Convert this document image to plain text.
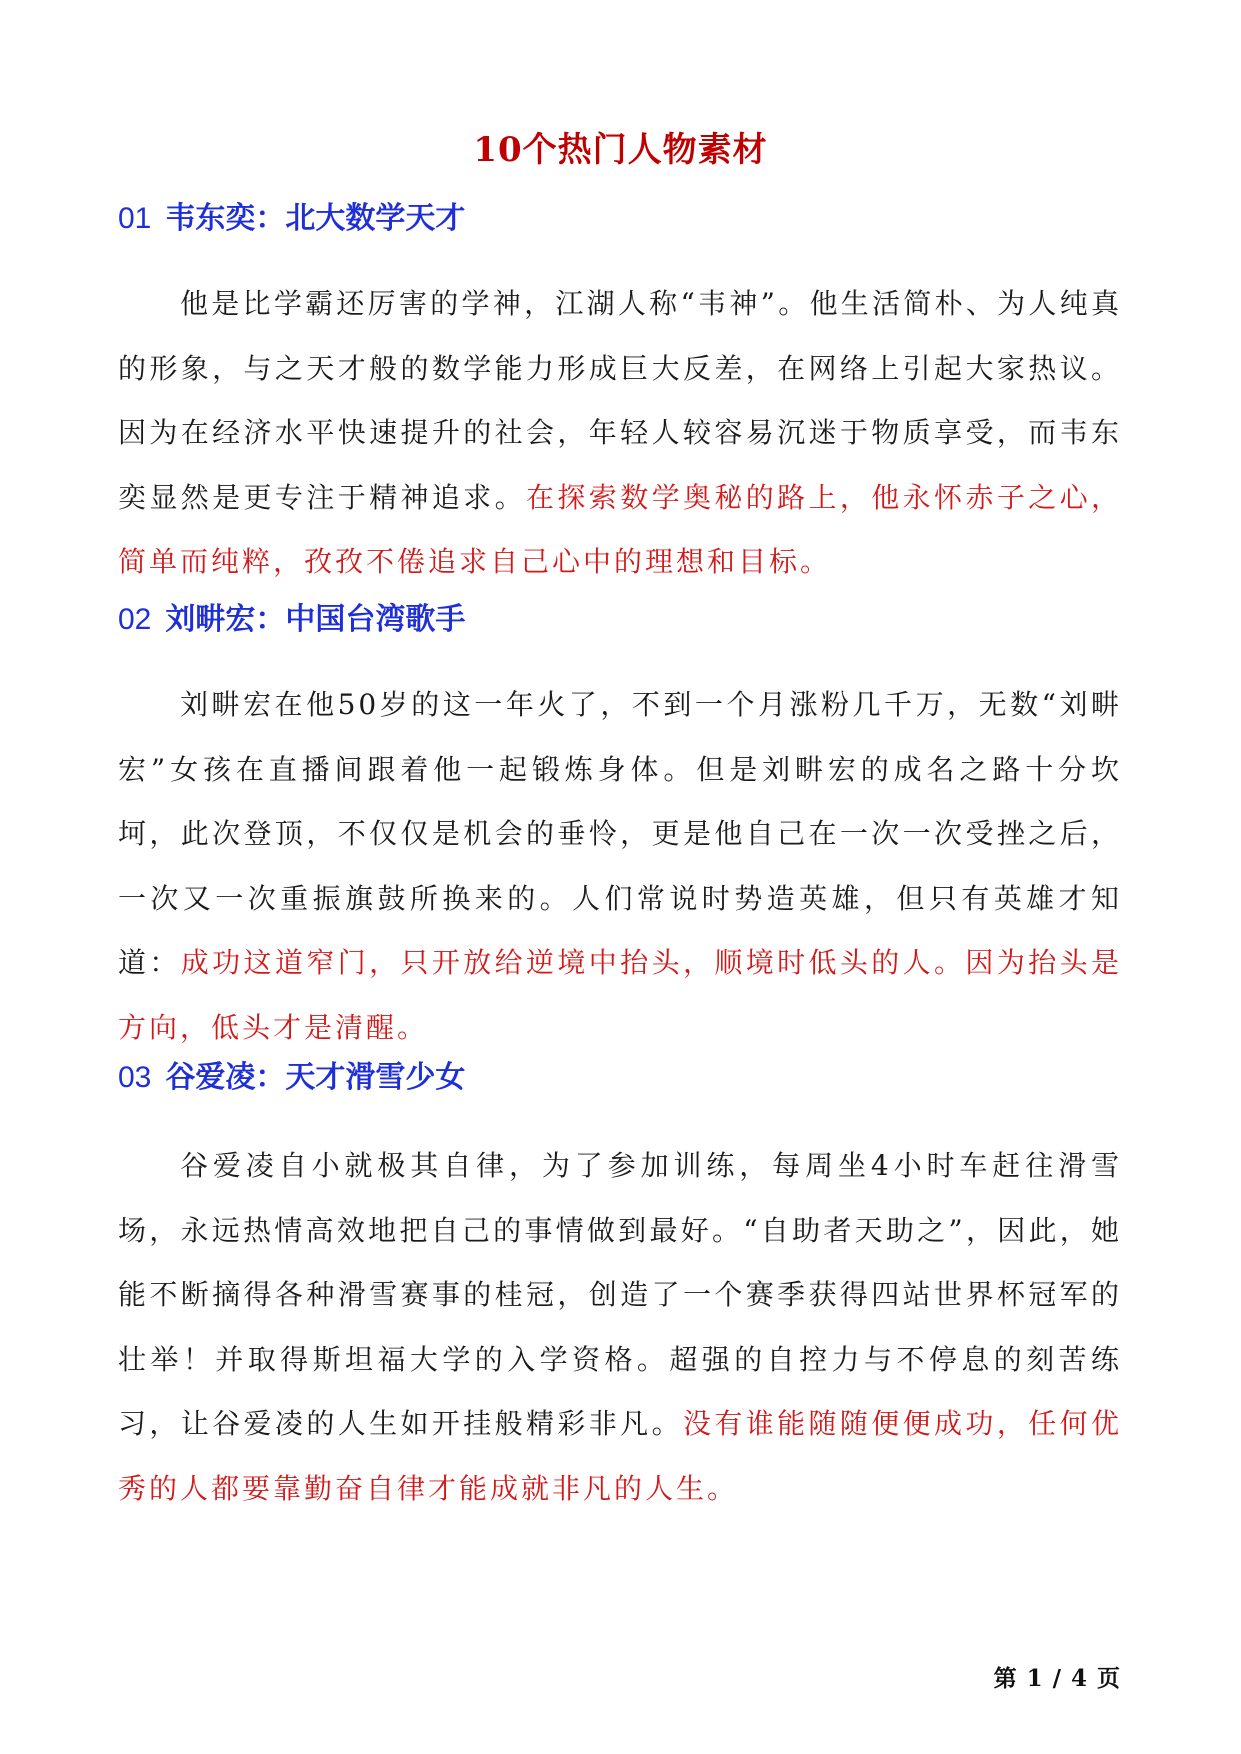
10个热门人物素材
01 韦东奕：北大数学天才
他是比学霸还厉害的学神，江湖人称“韦神”。他生活简朴、为人纯真的形象，与之天才般的数学能力形成巨大反差，在网络上引起大家热议。因为在经济水平快速提升的社会，年轻人较容易沉迷于物质享受，而韦东奕显然是更专注于精神追求。在探索数学奥秘的路上，他永怀赤子之心，简单而纯粹，孜孜不倦追求自己心中的理想和目标。
02 刘畊宏：中国台湾歌手
刘畊宏在他50岁的这一年火了，不到一个月涨粉几千万，无数“刘畊宏”女孩在直播间跟着他一起锻炼身体。但是刘畊宏的成名之路十分坎坷，此次登顶，不仅仅是机会的垂怜，更是他自己在一次一次受挫之后，一次又一次重振旗鼓所换来的。人们常说时势造英雄，但只有英雄才知道：成功这道窄门，只开放给逆境中抬头，顺境时低头的人。因为抬头是方向，低头才是清醒。
03 谷爱凌：天才滑雪少女
谷爱凌自小就极其自律，为了参加训练，每周坐4小时车赶往滑雪场，永远热情高效地把自己的事情做到最好。“自助者天助之”，因此，她能不断摘得各种滑雪赛事的桂冠，创造了一个赛季获得四站世界杯冠军的壮举！并取得斯坦福大学的入学资格。超强的自控力与不停息的刻苦练习，让谷爱凌的人生如开挂般精彩非凡。没有谁能随随便便成功，任何优秀的人都要靠勤奋自律才能成就非凡的人生。
第 1 / 4 页
